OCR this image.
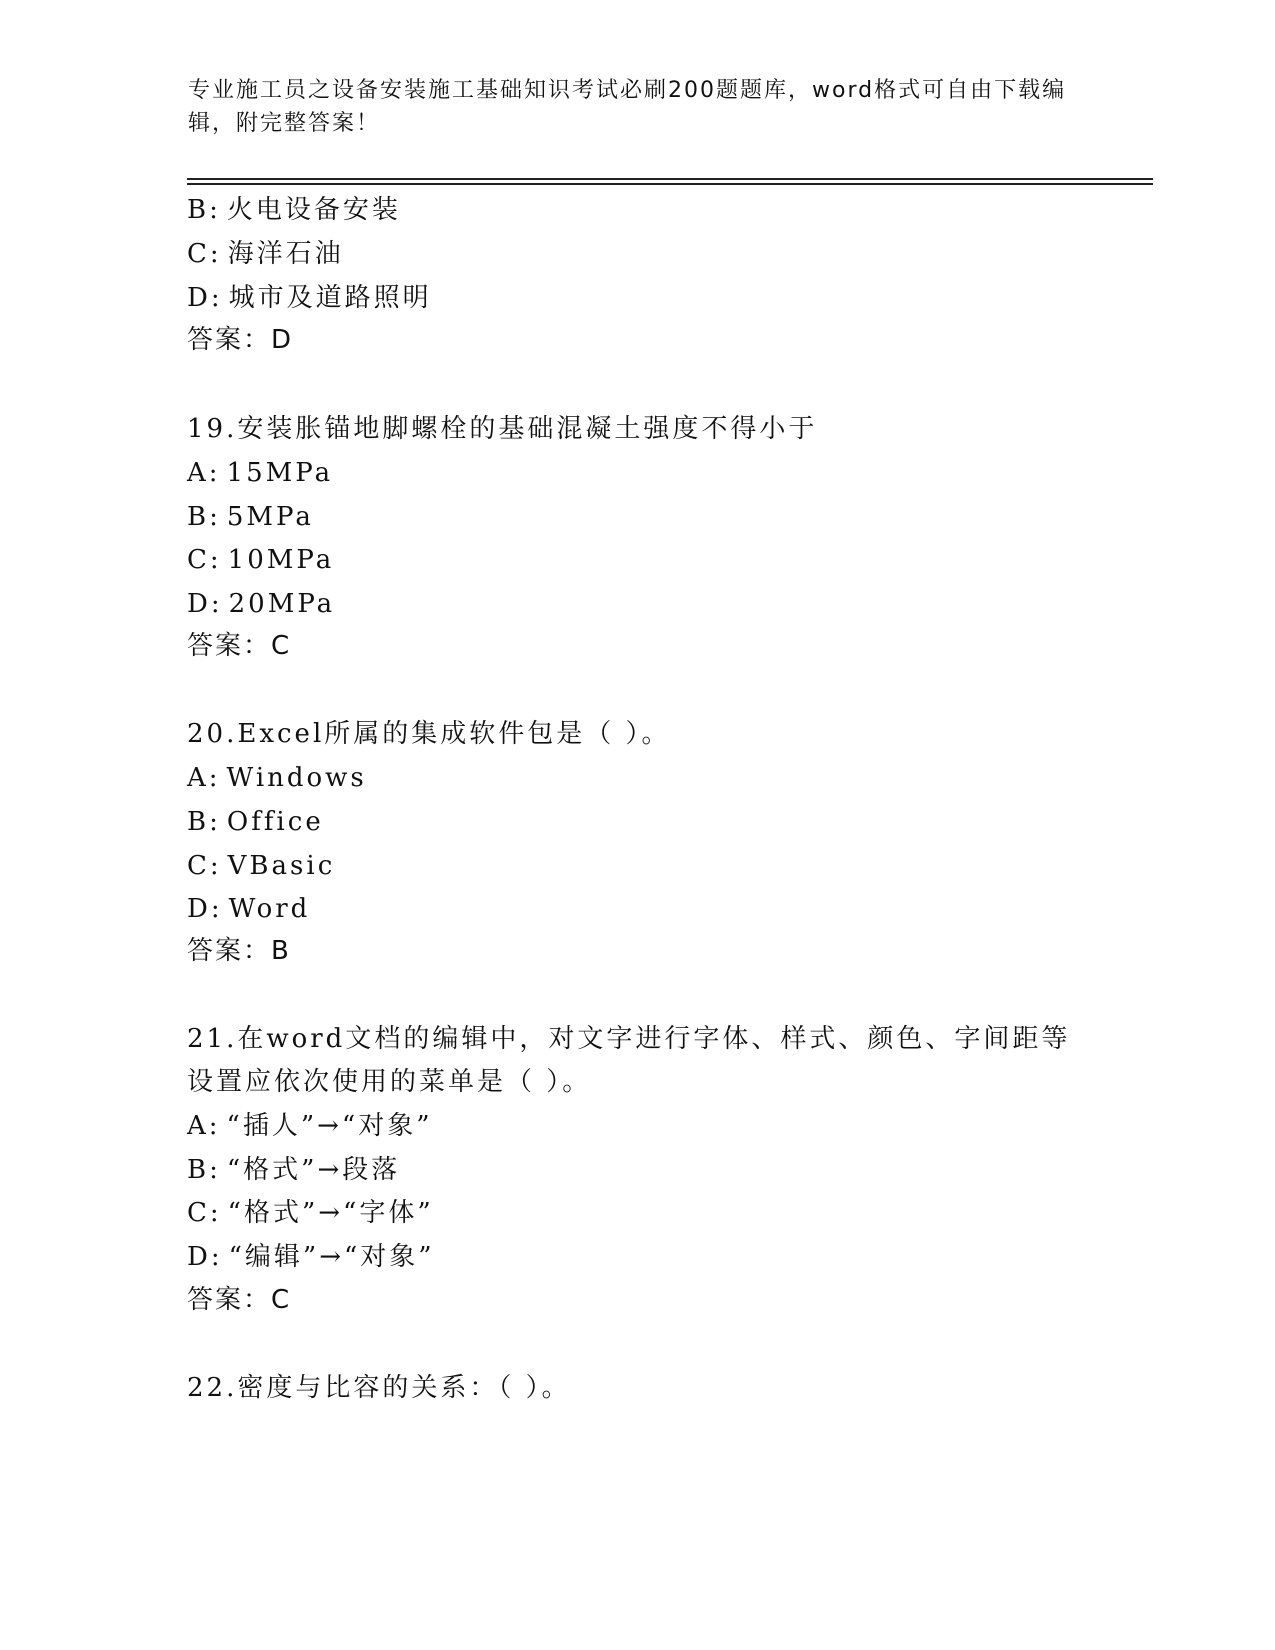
专业施工员之设备安装施工基础知识考试必刷200题题库，word格式可自由下载编辑，附完整答案！
B: 火电设备安装
C: 海洋石油
D: 城市及道路照明
答案：D
19.安装胀锚地脚螺栓的基础混凝土强度不得小于
A: 15MPa
B: 5MPa
C: 10MPa
D: 20MPa
答案：C
20.Excel所属的集成软件包是（ ）。
A: Windows
B: Office
C: VBasic
D: Word
答案：B
21.在word文档的编辑中，对文字进行字体、样式、颜色、字间距等
设置应依次使用的菜单是（ ）。
A: “插人”→“对象”
B: “格式”→段落
C: “格式”→“字体”
D: “编辑”→“对象”
答案：C
22.密度与比容的关系：（ ）。
